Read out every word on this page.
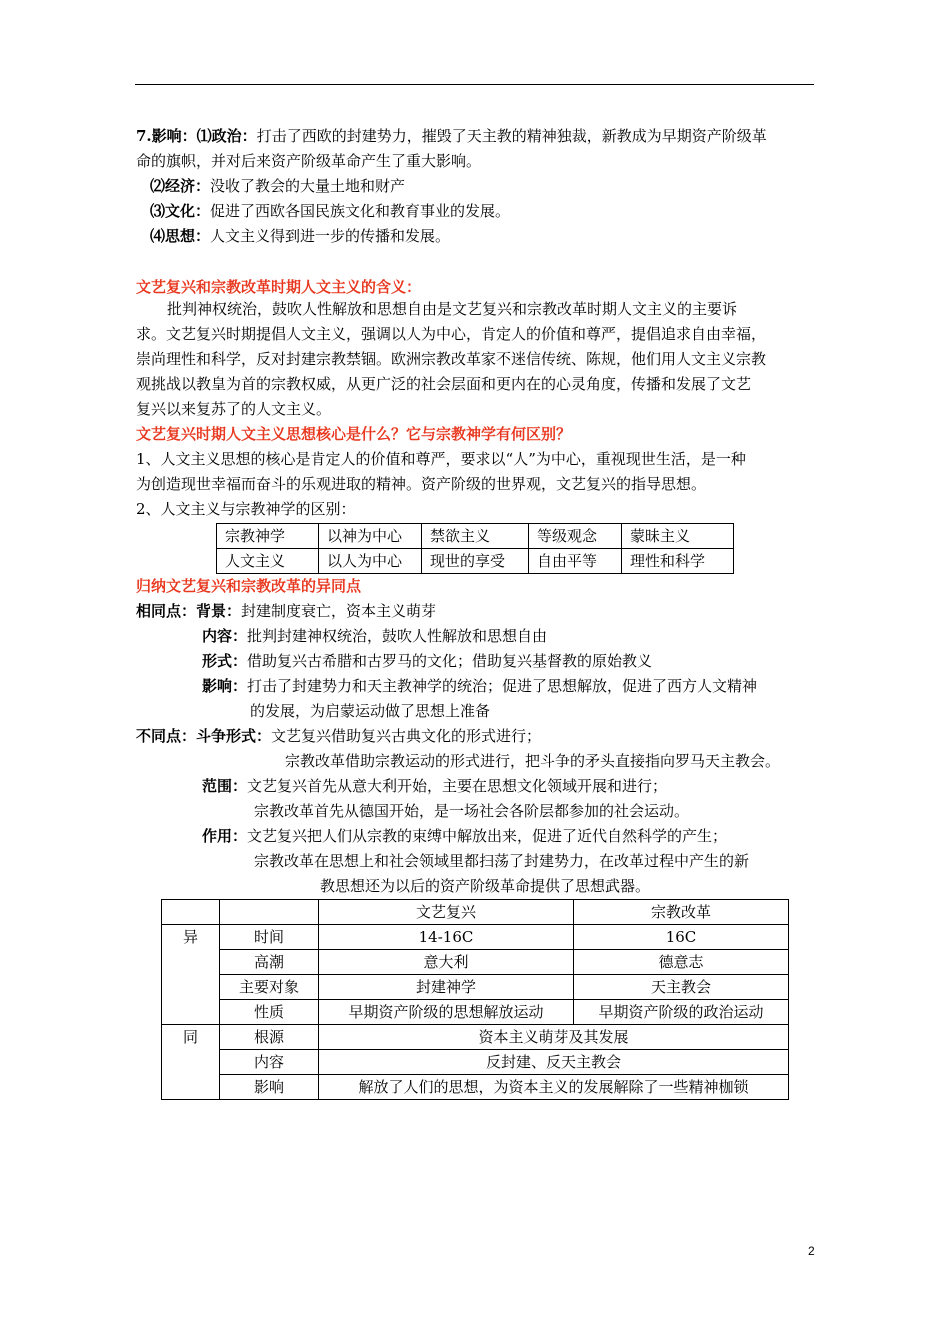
7.影响：⑴政治：打击了西欧的封建势力，摧毁了天主教的精神独裁，新教成为早期资产阶级革
命的旗帜，并对后来资产阶级革命产生了重大影响。
⑵经济：没收了教会的大量土地和财产
⑶文化：促进了西欧各国民族文化和教育事业的发展。
⑷思想：人文主义得到进一步的传播和发展。
文艺复兴和宗教改革时期人文主义的含义：
批判神权统治，鼓吹人性解放和思想自由是文艺复兴和宗教改革时期人文主义的主要诉
求。文艺复兴时期提倡人文主义，强调以人为中心，肯定人的价值和尊严，提倡追求自由幸福，
崇尚理性和科学，反对封建宗教禁锢。欧洲宗教改革家不迷信传统、陈规，他们用人文主义宗教
观挑战以教皇为首的宗教权威，从更广泛的社会层面和更内在的心灵角度，传播和发展了文艺
复兴以来复苏了的人文主义。
文艺复兴时期人文主义思想核心是什么？它与宗教神学有何区别？
1、人文主义思想的核心是肯定人的价值和尊严，要求以“人”为中心，重视现世生活，是一种
为创造现世幸福而奋斗的乐观进取的精神。资产阶级的世界观，文艺复兴的指导思想。
2、人文主义与宗教神学的区别：
宗教神学	以神为中心	禁欲主义	等级观念	蒙昧主义
人文主义	以人为中心	现世的享受	自由平等	理性和科学
归纳文艺复兴和宗教改革的异同点
相同点：背景：封建制度衰亡，资本主义萌芽
内容：批判封建神权统治，鼓吹人性解放和思想自由
形式：借助复兴古希腊和古罗马的文化；借助复兴基督教的原始教义
影响：打击了封建势力和天主教神学的统治；促进了思想解放，促进了西方人文精神
的发展，为启蒙运动做了思想上准备
不同点：斗争形式：文艺复兴借助复兴古典文化的形式进行；
宗教改革借助宗教运动的形式进行，把斗争的矛头直接指向罗马天主教会。
范围：文艺复兴首先从意大利开始，主要在思想文化领域开展和进行；
宗教改革首先从德国开始，是一场社会各阶层都参加的社会运动。
作用：文艺复兴把人们从宗教的束缚中解放出来，促进了近代自然科学的产生；
宗教改革在思想上和社会领域里都扫荡了封建势力，在改革过程中产生的新
教思想还为以后的资产阶级革命提供了思想武器。
		文艺复兴	宗教改革
异	时间	14-16C	16C
	高潮	意大利	德意志
	主要对象	封建神学	天主教会
	性质	早期资产阶级的思想解放运动	早期资产阶级的政治运动
同	根源	资本主义萌芽及其发展	
	内容	反封建、反天主教会	
	影响	解放了人们的思想，为资本主义的发展解除了一些精神枷锁	
2
